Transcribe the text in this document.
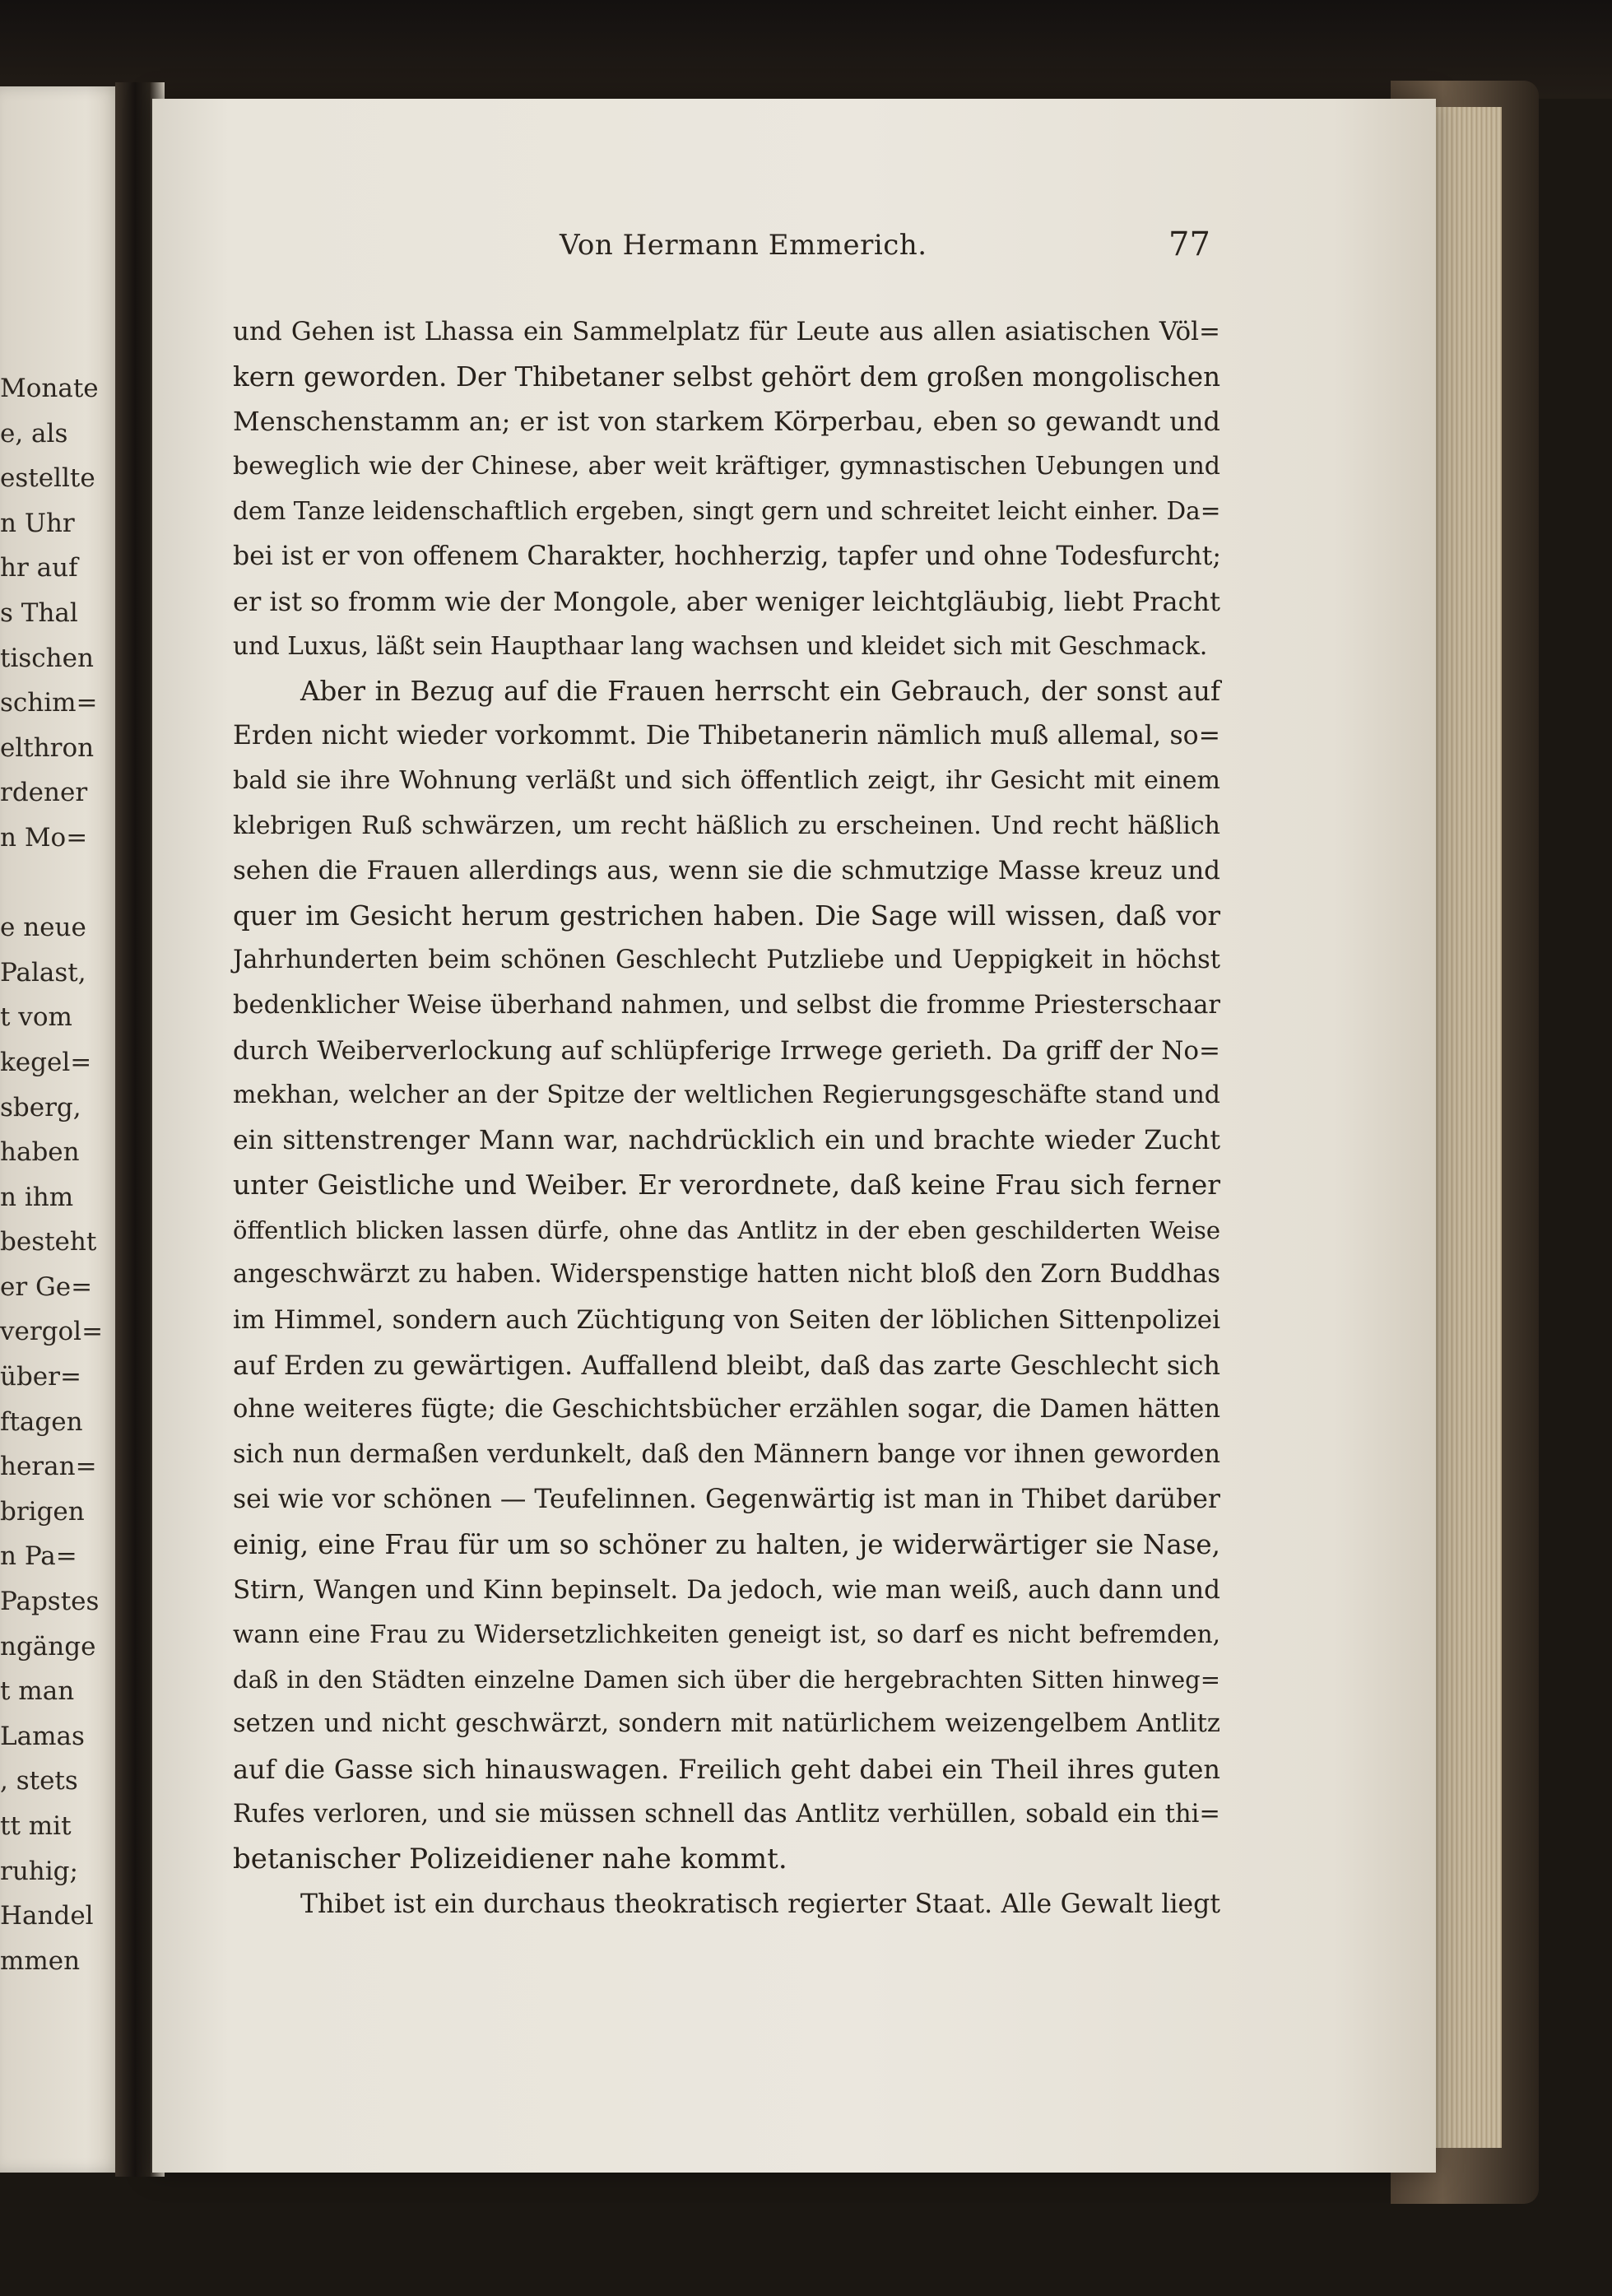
Monate
e, als
estellte
n Uhr
hr auf
s Thal
tischen
schim=
elthron
rdener
n Mo=
e neue
Palast,
t vom
kegel=
sberg,
haben
n ihm
besteht
er Ge=
vergol=
über=
ftagen
heran=
brigen
n Pa=
Papstes
ngänge
t man
Lamas
, stets
tt mit
ruhig;
Handel
mmen
Von Hermann Emmerich.	77
und Gehen ist Lhassa ein Sammelplatz für Leute aus allen asiatischen Völ=
kern geworden. Der Thibetaner selbst gehört dem großen mongolischen
Menschenstamm an; er ist von starkem Körperbau, eben so gewandt und
beweglich wie der Chinese, aber weit kräftiger, gymnastischen Uebungen und
dem Tanze leidenschaftlich ergeben, singt gern und schreitet leicht einher. Da=
bei ist er von offenem Charakter, hochherzig, tapfer und ohne Todesfurcht;
er ist so fromm wie der Mongole, aber weniger leichtgläubig, liebt Pracht
und Luxus, läßt sein Haupthaar lang wachsen und kleidet sich mit Geschmack.
Aber in Bezug auf die Frauen herrscht ein Gebrauch, der sonst auf
Erden nicht wieder vorkommt. Die Thibetanerin nämlich muß allemal, so=
bald sie ihre Wohnung verläßt und sich öffentlich zeigt, ihr Gesicht mit einem
klebrigen Ruß schwärzen, um recht häßlich zu erscheinen. Und recht häßlich
sehen die Frauen allerdings aus, wenn sie die schmutzige Masse kreuz und
quer im Gesicht herum gestrichen haben. Die Sage will wissen, daß vor
Jahrhunderten beim schönen Geschlecht Putzliebe und Ueppigkeit in höchst
bedenklicher Weise überhand nahmen, und selbst die fromme Priesterschaar
durch Weiberverlockung auf schlüpferige Irrwege gerieth. Da griff der No=
mekhan, welcher an der Spitze der weltlichen Regierungsgeschäfte stand und
ein sittenstrenger Mann war, nachdrücklich ein und brachte wieder Zucht
unter Geistliche und Weiber. Er verordnete, daß keine Frau sich ferner
öffentlich blicken lassen dürfe, ohne das Antlitz in der eben geschilderten Weise
angeschwärzt zu haben. Widerspenstige hatten nicht bloß den Zorn Buddhas
im Himmel, sondern auch Züchtigung von Seiten der löblichen Sittenpolizei
auf Erden zu gewärtigen. Auffallend bleibt, daß das zarte Geschlecht sich
ohne weiteres fügte; die Geschichtsbücher erzählen sogar, die Damen hätten
sich nun dermaßen verdunkelt, daß den Männern bange vor ihnen geworden
sei wie vor schönen — Teufelinnen. Gegenwärtig ist man in Thibet darüber
einig, eine Frau für um so schöner zu halten, je widerwärtiger sie Nase,
Stirn, Wangen und Kinn bepinselt. Da jedoch, wie man weiß, auch dann und
wann eine Frau zu Widersetzlichkeiten geneigt ist, so darf es nicht befremden,
daß in den Städten einzelne Damen sich über die hergebrachten Sitten hinweg=
setzen und nicht geschwärzt, sondern mit natürlichem weizengelbem Antlitz
auf die Gasse sich hinauswagen. Freilich geht dabei ein Theil ihres guten
Rufes verloren, und sie müssen schnell das Antlitz verhüllen, sobald ein thi=
betanischer Polizeidiener nahe kommt.
Thibet ist ein durchaus theokratisch regierter Staat. Alle Gewalt liegt
